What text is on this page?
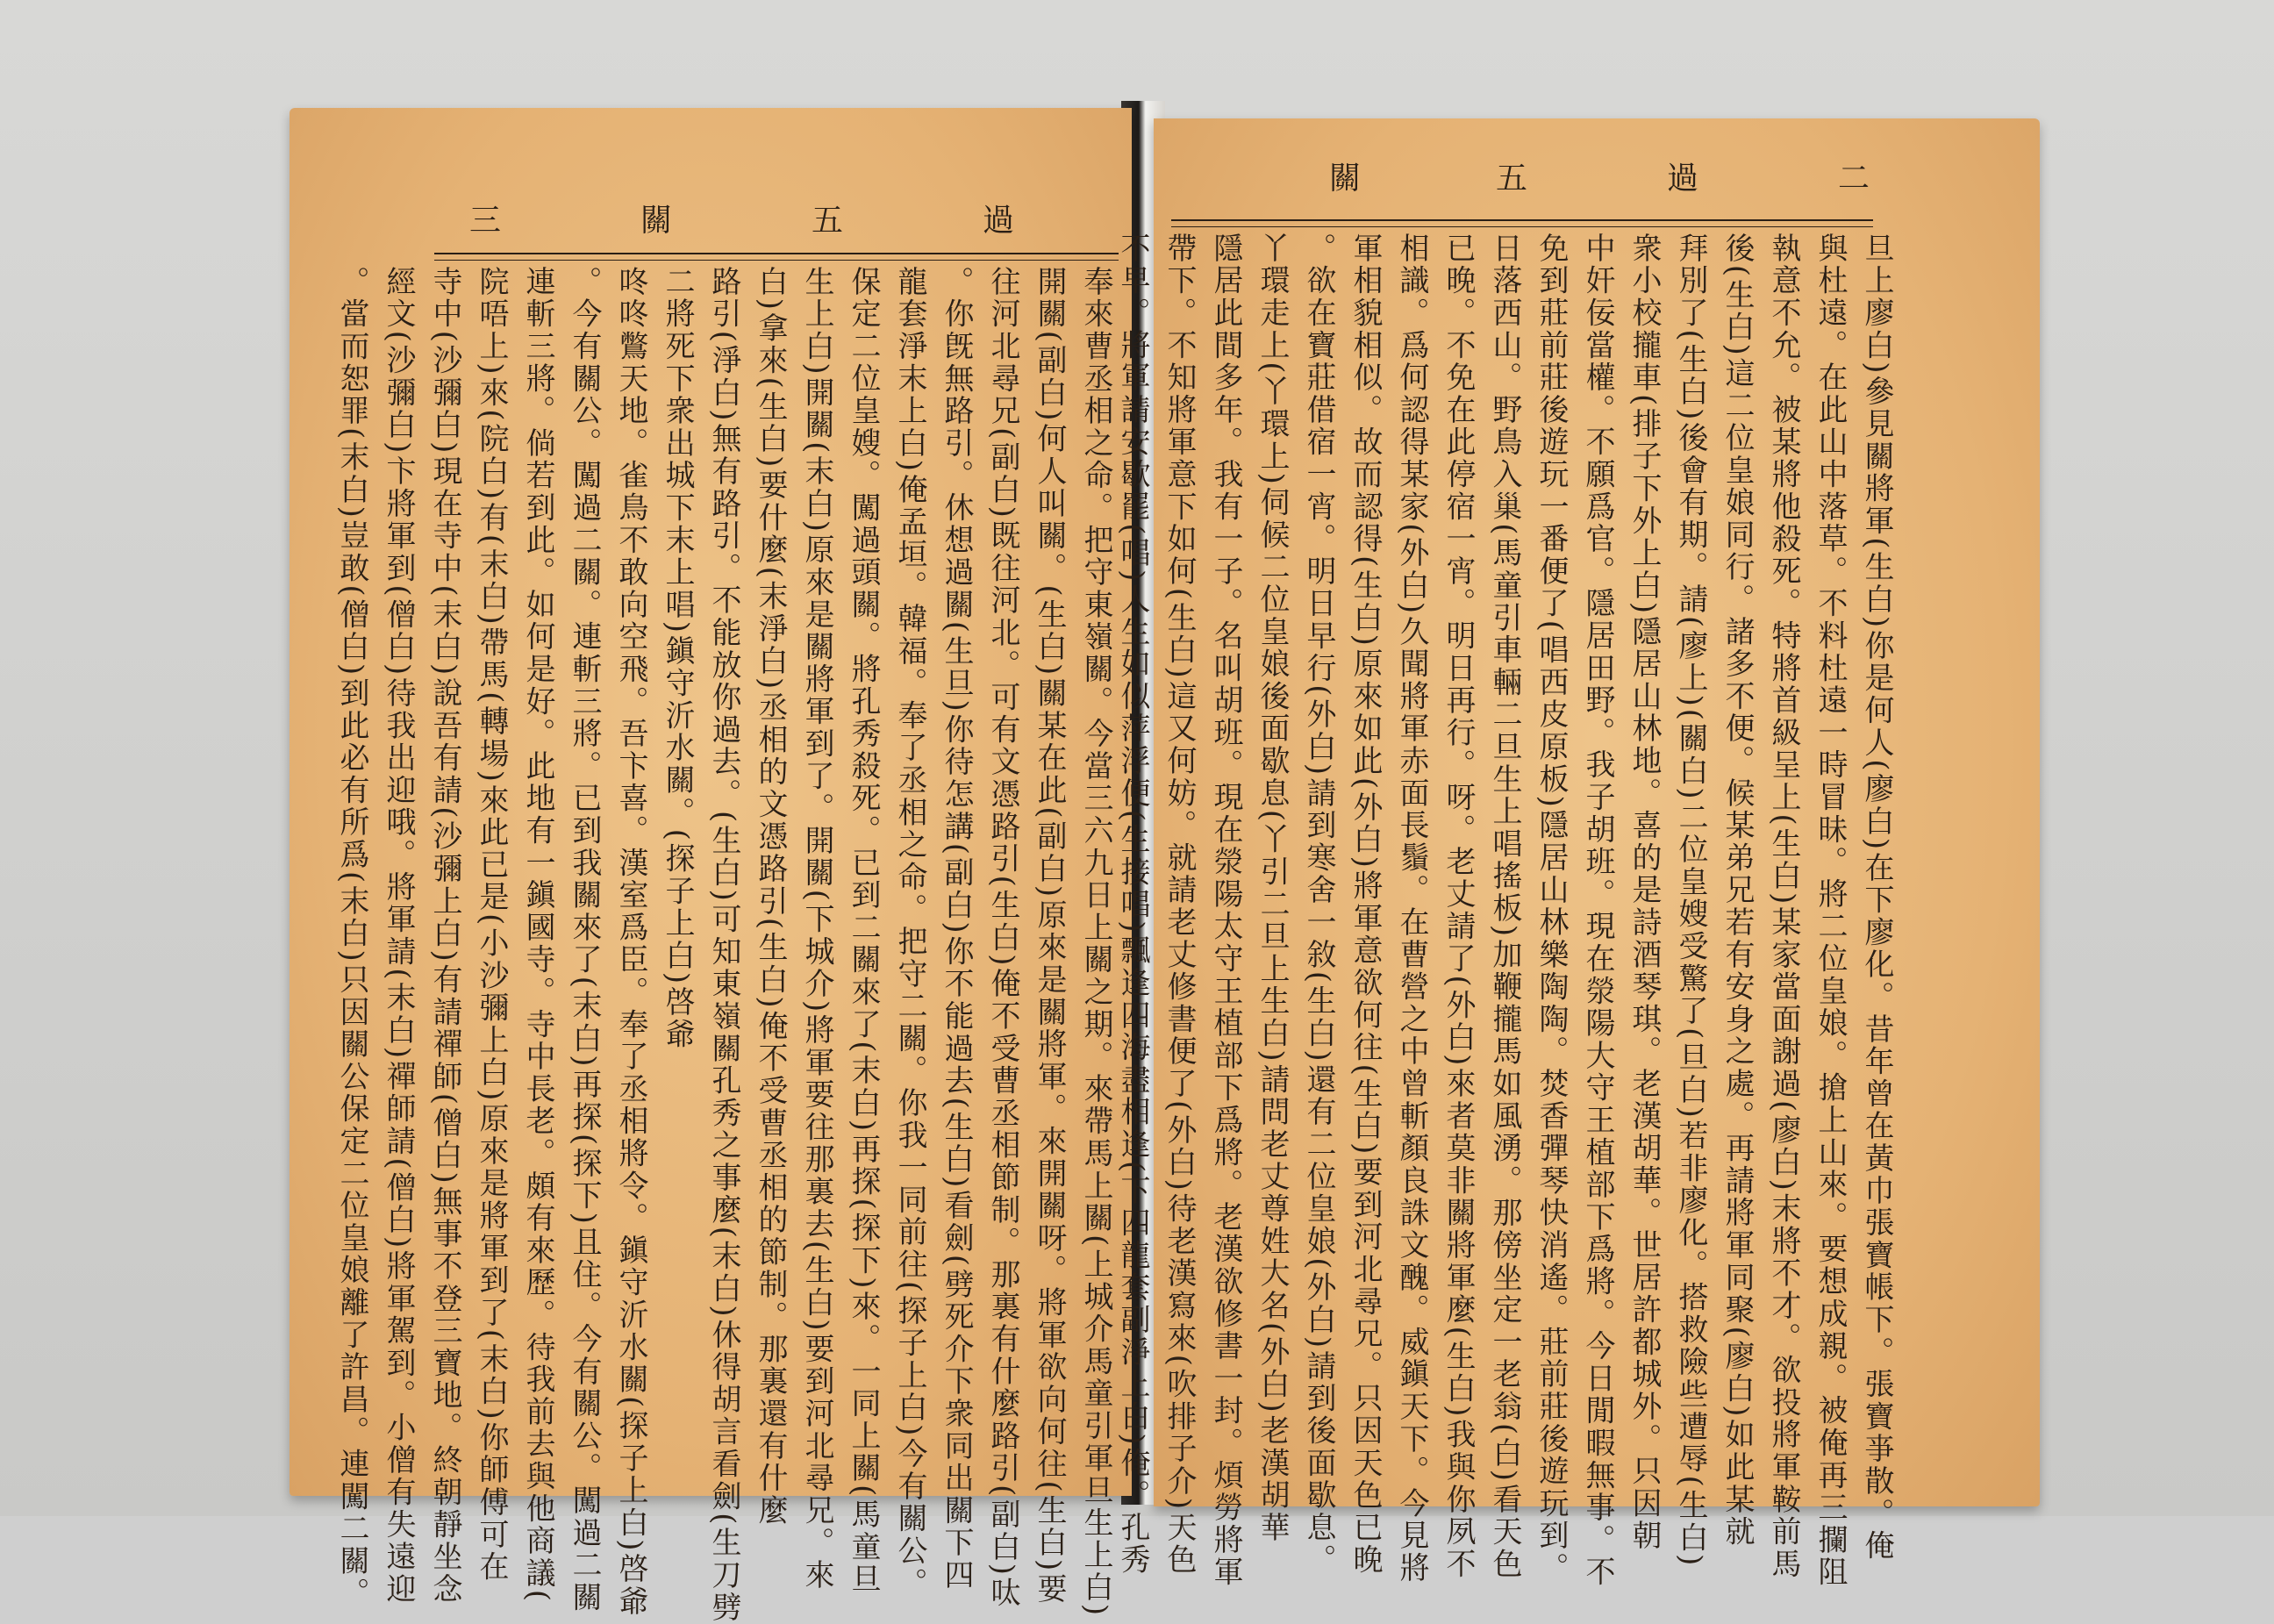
三	關	五	過
奉來曹丞相之命。把守東嶺關。今當三六九日上關之期。來帶馬上關(上城介馬童引軍旦生上白)
開關(副白)何人叫關。(生白)關某在此(副白)原來是關將軍。來開關呀。將軍欲向何往(生白)要
往河北尋兄(副白)既往河北。可有文憑路引(生白)俺不受曹丞相節制。那裏有什麼路引(副白)呔
。你旣無路引。休想過關(生旦)你待怎講(副白)你不能過去(生白)看劍(劈死介下衆同出關下四
龍套淨末上白)俺孟垣。韓福。奉了丞相之命。把守二關。你我一同前往(探子上白)今有關公。
保定二位皇嫂。闖過頭關。將孔秀殺死。已到二關來了(末白)再探(探下)來。一同上關(馬童旦
生上白)開關(末白)原來是關將軍到了。開關(下城介)將軍要往那裏去(生白)要到河北尋兄。來
白)拿來(生白)要什麼(末淨白)丞相的文憑路引(生白)俺不受曹丞相的節制。那裏還有什麼
路引(淨白)無有路引。不能放你過去。(生白)可知東嶺關孔秀之事麼(末白)休得胡言看劍(生刀劈
二將死下衆出城下末上唱)鎭守沂水關。(探子上白)啓爺
咚咚鷩天地。雀鳥不敢向空飛。吾卞喜。漢室爲臣。奉了丞相將令。鎭守沂水關(探子上白)啓爺
。今有關公。闖過二關。連斬三將。已到我關來了(末白)再探(探下)且住。今有關公。闖過二關
連斬三將。倘若到此。如何是好。此地有一鎭國寺。寺中長老。頗有來歷。待我前去與他商議(
院唔上)來(院白)有(末白)帶馬(轉場)來此已是(小沙彌上白)原來是將軍到了(末白)你師傅可在
寺中(沙彌白)現在寺中(末白)說吾有請(沙彌上白)有請禪師(僧白)無事不登三寶地。終朝靜坐念
經文(沙彌白)卞將軍到(僧白)待我出迎哦。將軍請(末白)禪師請(僧白)將軍駕到。小僧有失遠迎
。當而恕罪(末白)豈敢(僧白)到此必有所爲(末白)只因關公保定二位皇娘離了許昌。連闖二關。
關	五	過	二
旦上廖白)參見關將軍(生白)你是何人(廖白)在下廖化。昔年曾在黃巾張寶帳下。張寶亊散。俺
與杜遠。在此山中落草。不料杜遠一時冒昧。將二位皇娘。搶上山來。要想成親。被俺再三攔阻
執意不允。被某將他殺死。特將首級呈上(生白)某家當面謝過(廖白)末將不才。欲投將軍鞍前馬
後(生白)這二位皇娘同行。諸多不便。候某弟兄若有安身之處。再請將軍同聚(廖白)如此某就
拜別了(生白)後會有期。請(廖上)(關白)二位皇嫂受驚了(旦白)若非廖化。搭救險些遭辱(生白)
衆小校攏車(排子下外上白)隱居山林地。喜的是詩酒琴琪。老漢胡華。世居許都城外。只因朝
中奸佞當權。不願爲官。隱居田野。我子胡班。現在滎陽大守王植部下爲將。今日閒暇無事。不
免到莊前莊後遊玩一番便了(唱西皮原板)隱居山林樂陶陶。焚香彈琴快消遙。莊前莊後遊玩到。
日落西山。野鳥入巢(馬童引車輛二旦生上唱搖板)加鞭攏馬如風湧。那傍坐定一老翁(白)看天色
已晚。不免在此停宿一宵。明日再行。呀。老丈請了(外白)來者莫非關將軍麼(生白)我與你夙不
相識。爲何認得某家(外白)久聞將軍赤面長鬚。在曹營之中曾斬顏良誅文醜。威鎭天下。今見將
軍相貌相似。故而認得(生白)原來如此(外白)將軍意欲何往(生白)要到河北尋兄。只因天色已晚
。欲在寶莊借宿一宵。明日早行(外白)請到寒舍一敘(生白)還有二位皇娘(外白)請到後面歇息。
丫環走上(丫環上)伺候二位皇娘後面歇息(丫引二旦上生白)請問老丈尊姓大名(外白)老漢胡華
隱居此間多年。我有一子。名叫胡班。現在滎陽太守王植部下爲將。老漢欲修書一封。煩勞將軍
帶下。不知將軍意下如何(生白)這又何妨。就請老丈修書便了(外白)待老漢寫來(吹排子介)天色
不早。將軍請安歇罷(唱)人生如似萍浮便(生接唱)飄逢四海盡相逢(下四龍套副淨上白)俺。孔秀
